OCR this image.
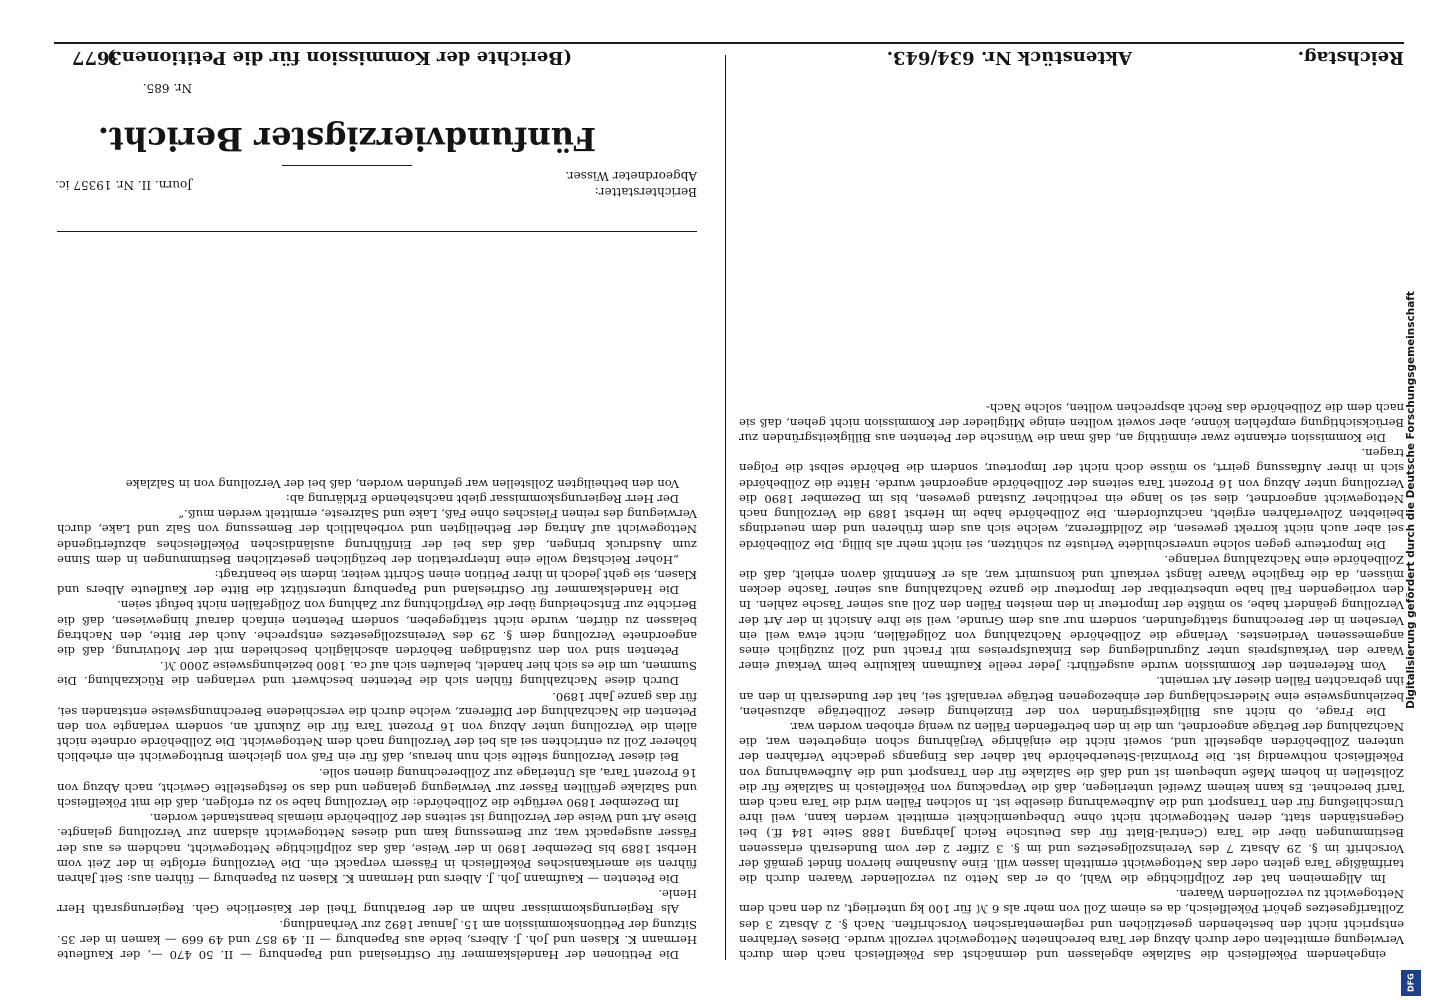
Reichstag.
Aktenstück Nr. 634/643.
(Berichte der Kommission für die Petitionen.)
3677
Nr. 685.
Fünfundvierzigster Bericht.
Journ. II. Nr. 19357 ic.	Berichterstatter:
Abgeordneter Wisser.

Die Petitionen der Handelskammer für Ostfriesland und Papenburg — II. 50 470 —, der Kaufleute Hermann K. Klasen und Joh. J. Albers, beide aus Papenburg — II. 49 857 und 49 669 — kamen in der 35. Sitzung der Petitionskommission am 15. Januar 1892 zur Verhandlung.

Als Regierungskommissar nahm an der Berathung Theil der Kaiserliche Geh. Regierungsrath Herr Henle.

Die Petenten — Kaufmann Joh. J. Albers und Hermann K. Klasen zu Papenburg — führen aus: Seit Jahren führen sie amerikanisches Pökelfleisch in Fässern verpackt ein. Die Verzollung erfolgte in der Zeit vom Herbst 1889 bis Dezember 1890 in der Weise, daß das zollpflichtige Nettogewicht, nachdem es aus der Fässer ausgepackt war, zur Bemessung kam und dieses Nettogewicht alsdann zur Verzollung gelangte. Diese Art und Weise der Verzollung ist seitens der Zollbehörde niemals beanstandet worden.

Im Dezember 1890 verfügte die Zollbehörde: die Verzollung habe so zu erfolgen, daß die mit Pökelfleisch und Salzlake gefüllten Fässer zur Verwiegung gelangen und das so festgestellte Gewicht, nach Abzug von 16 Prozent Tara, als Unterlage zur Zollberechnung dienen solle.

Bei dieser Verzollung stellte sich nun heraus, daß für ein Faß von gleichem Bruttogewicht ein erheblich höherer Zoll zu entrichten sei als bei der Verzollung nach dem Nettogewicht. Die Zollbehörde ordnete nicht allein die Verzollung unter Abzug von 16 Prozent Tara für die Zukunft an, sondern verlangte von den Petenten die Nachzahlung der Differenz, welche durch die verschiedene Berechnungsweise entstanden sei, für das ganze Jahr 1890.

Durch diese Nachzahlung fühlen sich die Petenten beschwert und verlangen die Rückzahlung. Die Summen, um die es sich hier handelt, belaufen sich auf ca. 1800 beziehungsweise 2000 ℳ.

Petenten sind von den zuständigen Behörden abschläglich beschieden mit der Motivirung, daß die angeordnete Verzollung dem §. 29 des Vereinszollgesetzes entspreche. Auch der Bitte, den Nachtrag belassen zu dürfen, wurde nicht stattgegeben, sondern Petenten einfach darauf hingewiesen, daß die Berichte zur Entscheidung über die Verpflichtung zur Zahlung von Zollgefällen nicht befugt seien.

Die Handelskammer für Ostfriesland und Papenburg unterstützt die Bitte der Kaufleute Albers und Klasen, sie geht jedoch in ihrer Petition einen Schritt weiter, indem sie beantragt:

„Hoher Reichstag wolle eine Interpretation der bezüglichen gesetzlichen Bestimmungen in dem Sinne zum Ausdruck bringen, daß das bei der Einführung ausländischen Pökelfleisches abzufertigende Nettogewicht auf Antrag der Betheiligten und vorbehaltlich der Bemessung von Salz und Lake, durch Verwiegung des reinen Fleisches ohne Faß, Lake und Salzreste, ermittelt werden muß.“

Der Herr Regierungskommissar giebt nachstehende Erklärung ab:

Von den betheiligten Zollstellen war gefunden worden, daß bei der Verzollung von in Salzlake

eingehendem Pökelfleisch die Salzlake abgelassen und demnächst das Pökelfleisch nach dem durch Verwiegung ermittelten oder durch Abzug der Tara berechneten Nettogewicht verzollt wurde. Dieses Verfahren entspricht nicht den bestehenden gesetzlichen und reglementarischen Vorschriften. Nach §. 2 Absatz 3 des Zolltarifgesetzes gehört Pökelfleisch, da es einem Zoll von mehr als 6 ℳ für 100 kg unterliegt, zu den nach dem Nettogewicht zu verzollenden Waaren.

Im Allgemeinen hat der Zollpflichtige die Wahl, ob er das Netto zu verzollender Waaren durch die tarifmäßige Tara gelten oder das Nettogewicht ermitteln lassen will. Eine Ausnahme hiervon findet gemäß der Vorschrift im §. 29 Absatz 7 des Vereinszollgesetzes und im §. 3 Ziffer 2 der vom Bundesrath erlassenen Bestimmungen über die Tara (Central-Blatt für das Deutsche Reich Jahrgang 1888 Seite 184 ff.) bei Gegenständen statt, deren Nettogewicht nicht ohne Unbequemlichkeit ermittelt werden kann, weil ihre Umschließung für den Transport und die Aufbewahrung dieselbe ist. In solchen Fällen wird die Tara nach dem Tarif berechnet. Es kann keinem Zweifel unterliegen, daß die Verpackung von Pökelfleisch in Salzlake für die Zollstellen in hohem Maße unbequem ist und daß die Salzlake für den Transport und die Aufbewahrung von Pökelfleisch nothwendig ist. Die Provinzial-Steuerbehörde hat daher das Eingangs gedachte Verfahren der unteren Zollbehörden abgestellt und, soweit nicht die einjährige Verjährung schon eingetreten war, die Nachzahlung der Beträge angeordnet, um die in den betreffenden Fällen zu wenig erhoben worden war.

Die Frage, ob nicht aus Billigkeitsgründen von der Einziehung dieser Zollbeträge abzusehen, beziehungsweise eine Niederschlagung der einbezogenen Beträge veranlaßt sei, hat der Bundesrath in den an ihn gebrachten Fällen dieser Art verneint.

Vom Referenten der Kommission wurde ausgeführt: Jeder reelle Kaufmann kalkulire beim Verkauf einer Waare den Verkaufspreis unter Zugrundlegung des Einkaufspreises mit Fracht und Zoll zuzüglich eines angemessenen Verdienstes. Verlange die Zollbehörde Nachzahlung von Zollgefällen, nicht etwa weil ein Versehen in der Berechnung stattgefunden, sondern nur aus dem Grunde, weil sie ihre Ansicht in der Art der Verzollung geändert habe, so müßte der Importeur in den meisten Fällen den Zoll aus seiner Tasche zahlen. In den vorliegenden Fall habe unbestreitbar der Importeur die ganze Nachzahlung aus seiner Tasche decken müssen, da die fragliche Waare längst verkauft und konsumirt war, als er Kenntniß davon erhielt, daß die Zollbehörde eine Nachzahlung verlange.

Die Importeure gegen solche unverschuldete Verluste zu schützen, sei nicht mehr als billig. Die Zollbehörde sei aber auch nicht korrekt gewesen, die Zolldifferenz, welche sich aus dem früheren und dem neuerdings beliebten Zollverfahren ergiebt, nachzufordern. Die Zollbehörde habe im Herbst 1889 die Verzollung nach Nettogewicht angeordnet, dies sei so lange ein rechtlicher Zustand gewesen, bis im Dezember 1890 die Verzollung unter Abzug von 16 Prozent Tara seitens der Zollbehörde angeordnet wurde. Hätte die Zollbehörde sich in ihrer Auffassung geirrt, so müsse doch nicht der Importeur, sondern die Behörde selbst die Folgen tragen.

Die Kommission erkannte zwar einmüthig an, daß man die Wünsche der Petenten aus Billigkeitsgründen zur Berücksichtigung empfehlen könne, aber soweit wollten einige Mitglieder der Kommission nicht gehen, daß sie nach dem die Zollbehörde das Recht absprechen wollten, solche Nach- Digitalisierung gefördert durch die Deutsche Forschungsgemeinschaft
DFG
